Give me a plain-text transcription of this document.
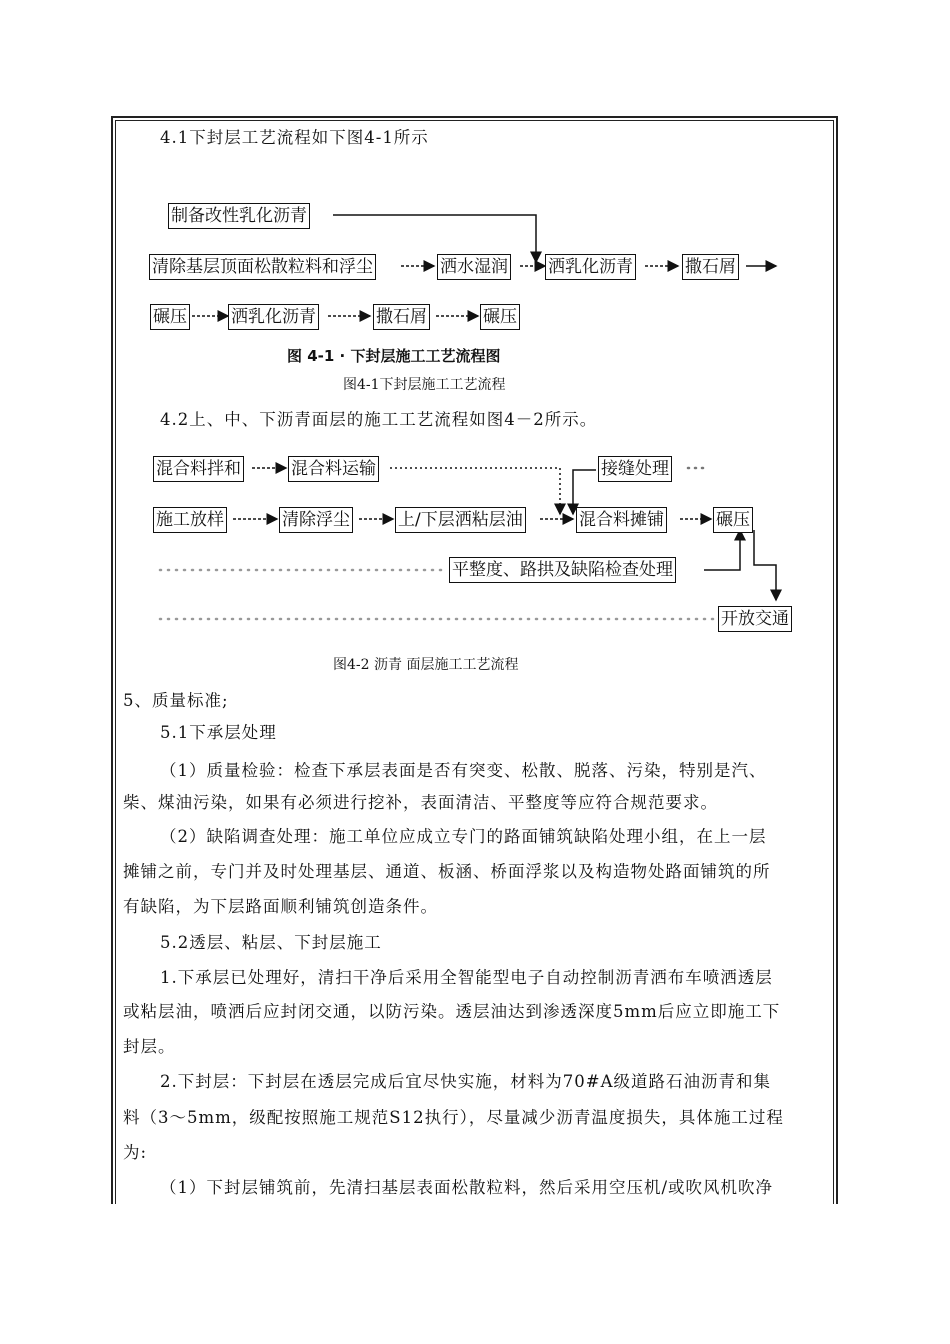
4.1下封层工艺流程如下图4-1所示
制备改性乳化沥青
清除基层顶面松散粒料和浮尘	洒水湿润 洒乳化沥青	撒石屑
碾压	洒乳化沥青	撒石屑	碾压
图 4-1 · 下封层施工工艺流程图
图4-1下封层施工工艺流程
4.2上、中、下沥青面层的施工工艺流程如图4－2所示。
混合料拌和	混合料运输	接缝处理
施工放样	清除浮尘	上/下层洒粘层油	混合料摊铺	碾压
平整度、路拱及缺陷检查处理
开放交通
图4-2 沥青 面层施工工艺流程
5、质量标准;
5.1下承层处理
（1）质量检验：检查下承层表面是否有突变、松散、脱落、污染，特别是汽、
柴、煤油污染，如果有必须进行挖补，表面清洁、平整度等应符合规范要求。
（2）缺陷调查处理：施工单位应成立专门的路面铺筑缺陷处理小组，在上一层
摊铺之前，专门并及时处理基层、通道、板涵、桥面浮浆以及构造物处路面铺筑的所
有缺陷，为下层路面顺利铺筑创造条件。
5.2透层、粘层、下封层施工
1.下承层已处理好，清扫干净后采用全智能型电子自动控制沥青洒布车喷洒透层
或粘层油，喷洒后应封闭交通，以防污染。透层油达到渗透深度5mm后应立即施工下
封层。
2.下封层：下封层在透层完成后宜尽快实施，材料为70#A级道路石油沥青和集
料（3～5mm，级配按照施工规范S12执行），尽量减少沥青温度损失，具体施工过程
为:
（1）下封层铺筑前，先清扫基层表面松散粒料，然后采用空压机/或吹风机吹净
